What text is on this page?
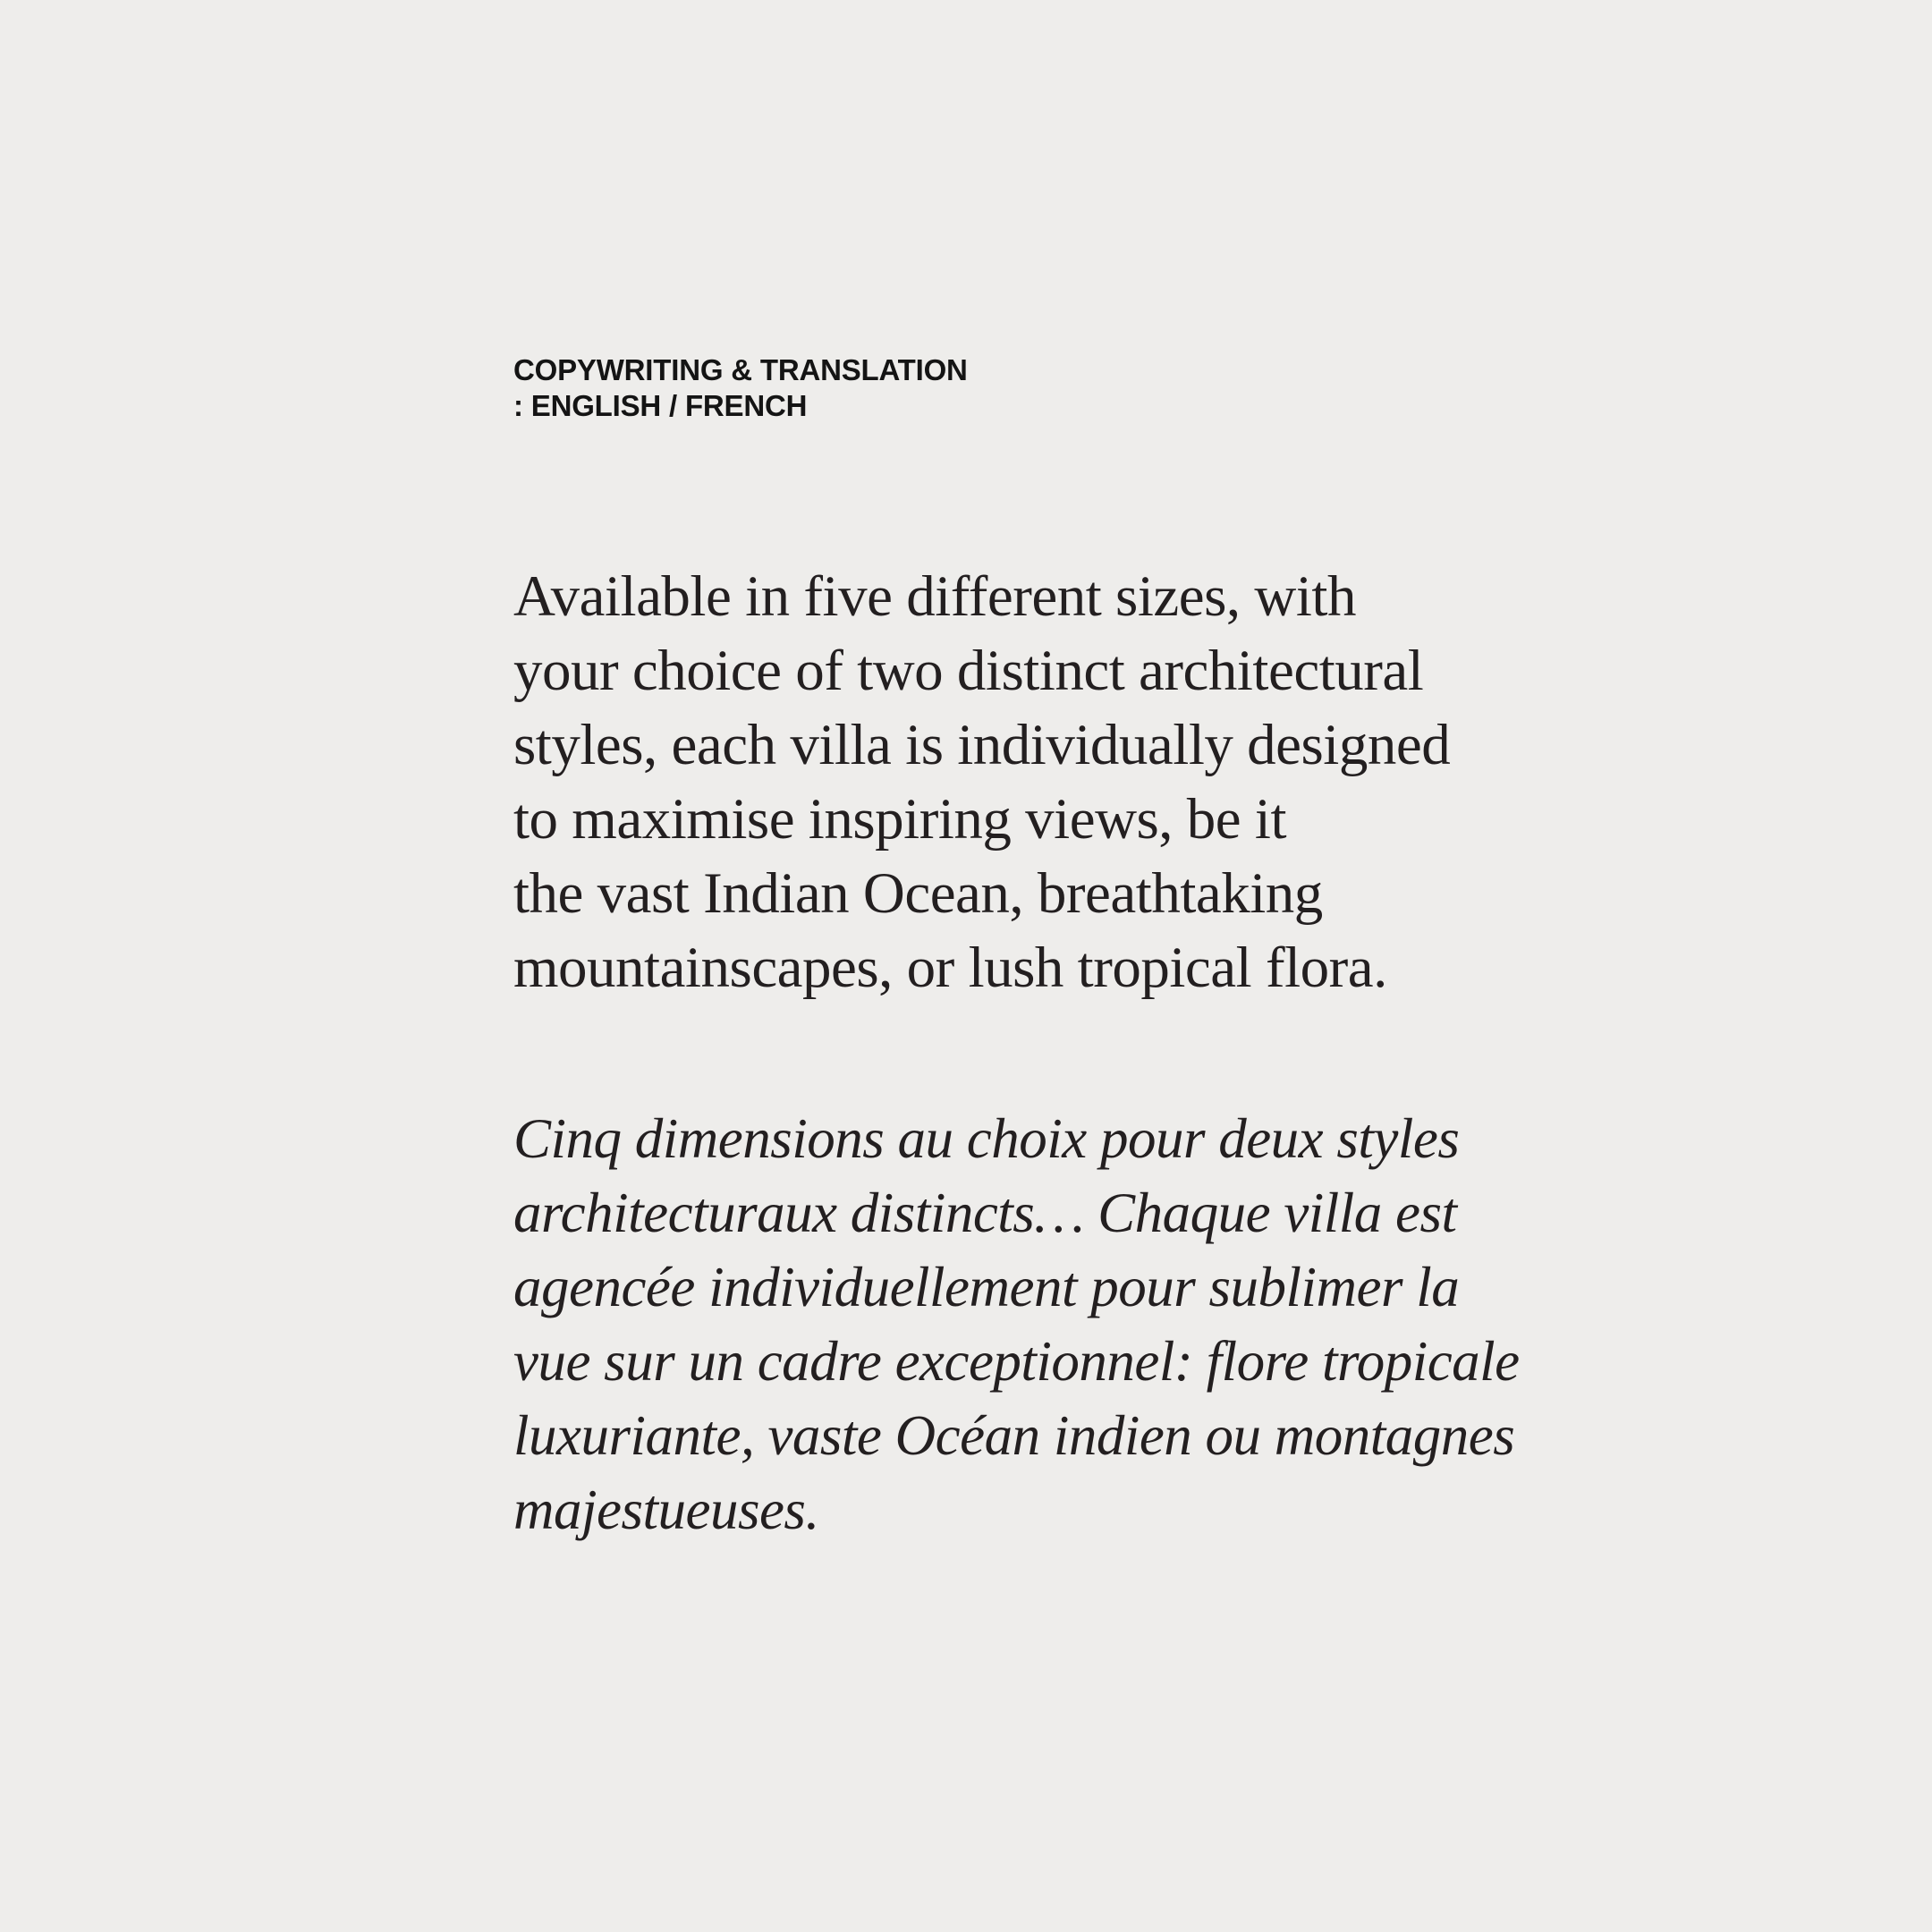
COPYWRITING & TRANSLATION
: ENGLISH / FRENCH

Available in five different sizes, with
your choice of two distinct architectural
styles, each villa is individually designed
to maximise inspiring views, be it
the vast Indian Ocean, breathtaking
mountainscapes, or lush tropical flora.

Cinq dimensions au choix pour deux styles
architecturaux distincts… Chaque villa est
agencée individuellement pour sublimer la
vue sur un cadre exceptionnel: flore tropicale
luxuriante, vaste Océan indien ou montagnes
majestueuses.
